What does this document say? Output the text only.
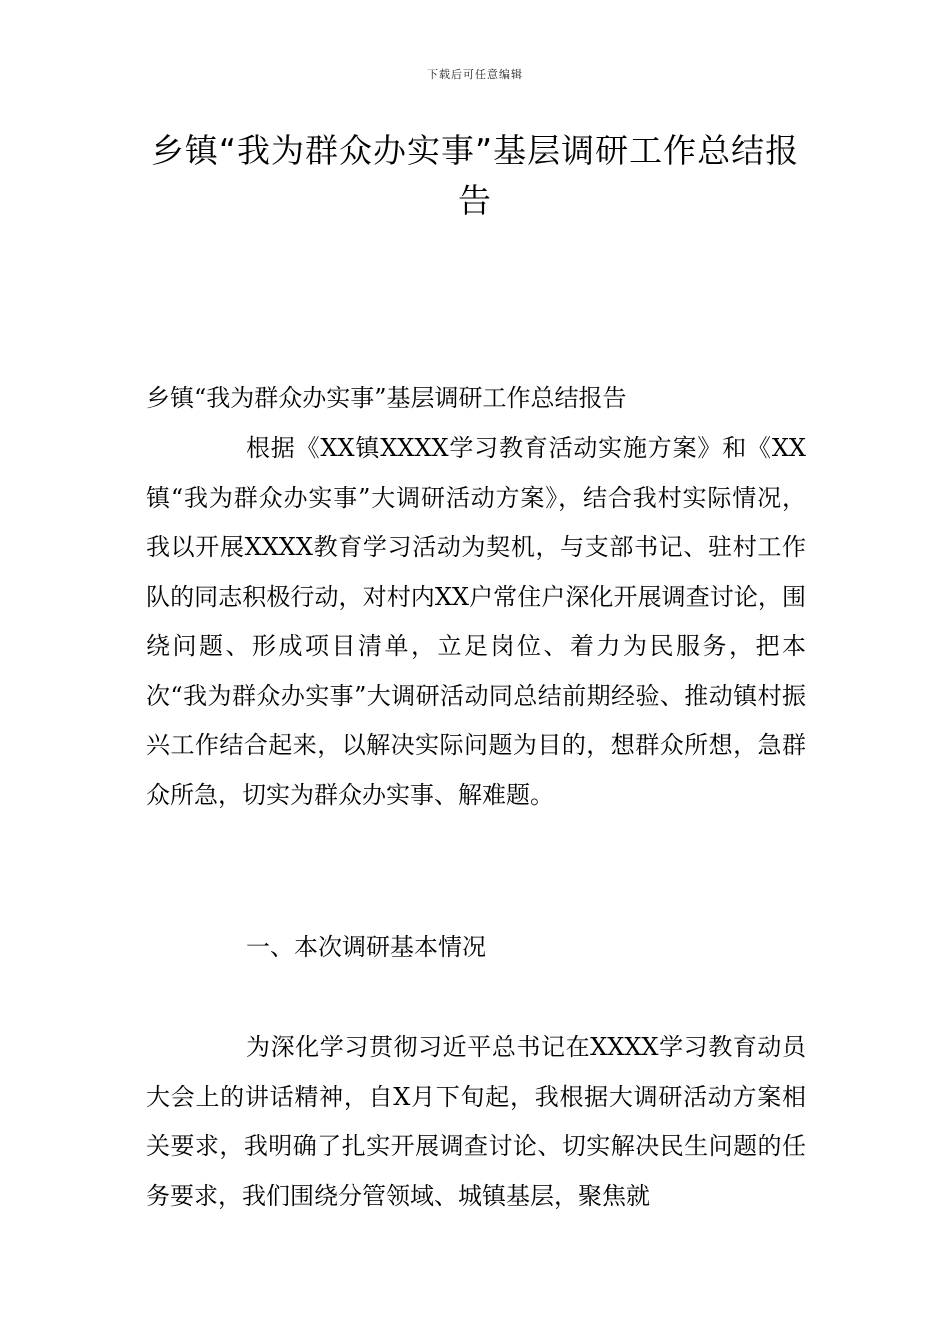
下载后可任意编辑
乡镇“我为群众办实事”基层调研工作总结报告

乡镇“我为群众办实事”基层调研工作总结报告

根据《XX镇XXXX学习教育活动实施方案》和《XX镇“我为群众办实事”大调研活动方案》，结合我村实际情况，我以开展XXXX教育学习活动为契机，与支部书记、驻村工作队的同志积极行动，对村内XX户常住户深化开展调查讨论，围绕问题、形成项目清单，立足岗位、着力为民服务，把本次“我为群众办实事”大调研活动同总结前期经验、推动镇村振兴工作结合起来，以解决实际问题为目的，想群众所想，急群众所急，切实为群众办实事、解难题。

一、本次调研基本情况

为深化学习贯彻习近平总书记在XXXX学习教育动员大会上的讲话精神，自X月下旬起，我根据大调研活动方案相关要求，我明确了扎实开展调查讨论、切实解决民生问题的任务要求，我们围绕分管领域、城镇基层，聚焦就
